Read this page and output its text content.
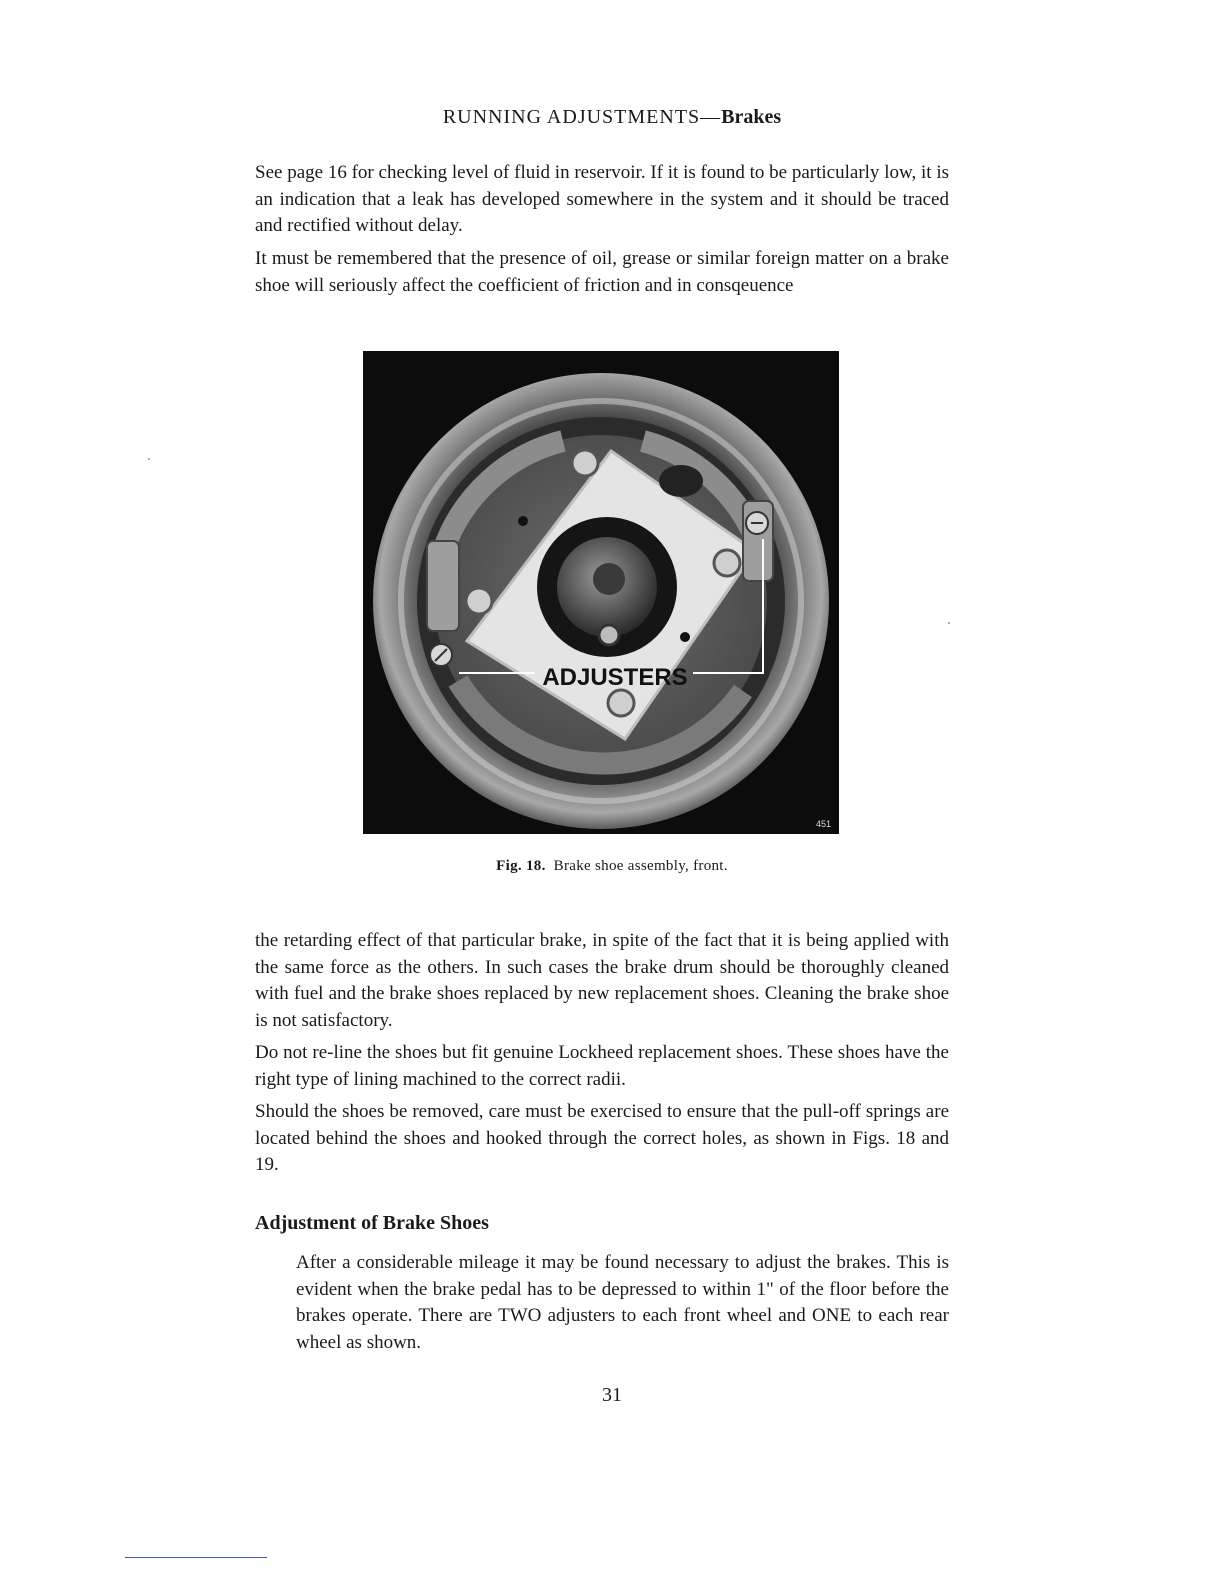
RUNNING ADJUSTMENTS—Brakes

See page 16 for checking level of fluid in reservoir. If it is found to be particularly low, it is an indication that a leak has developed somewhere in the system and it should be traced and rectified without delay.

It must be remembered that the presence of oil, grease or similar foreign matter on a brake shoe will seriously affect the coefficient of friction and in consqeuence

ADJUSTERS
451
Fig. 18. Brake shoe assembly, front.

the retarding effect of that particular brake, in spite of the fact that it is being applied with the same force as the others. In such cases the brake drum should be thoroughly cleaned with fuel and the brake shoes replaced by new replacement shoes. Cleaning the brake shoe is not satisfactory.

Do not re-line the shoes but fit genuine Lockheed replacement shoes. These shoes have the right type of lining machined to the correct radii.

Should the shoes be removed, care must be exercised to ensure that the pull-off springs are located behind the shoes and hooked through the correct holes, as shown in Figs. 18 and 19.

Adjustment of Brake Shoes

After a considerable mileage it may be found necessary to adjust the brakes. This is evident when the brake pedal has to be depressed to within 1" of the floor before the brakes operate. There are TWO adjusters to each front wheel and ONE to each rear wheel as shown.

31
